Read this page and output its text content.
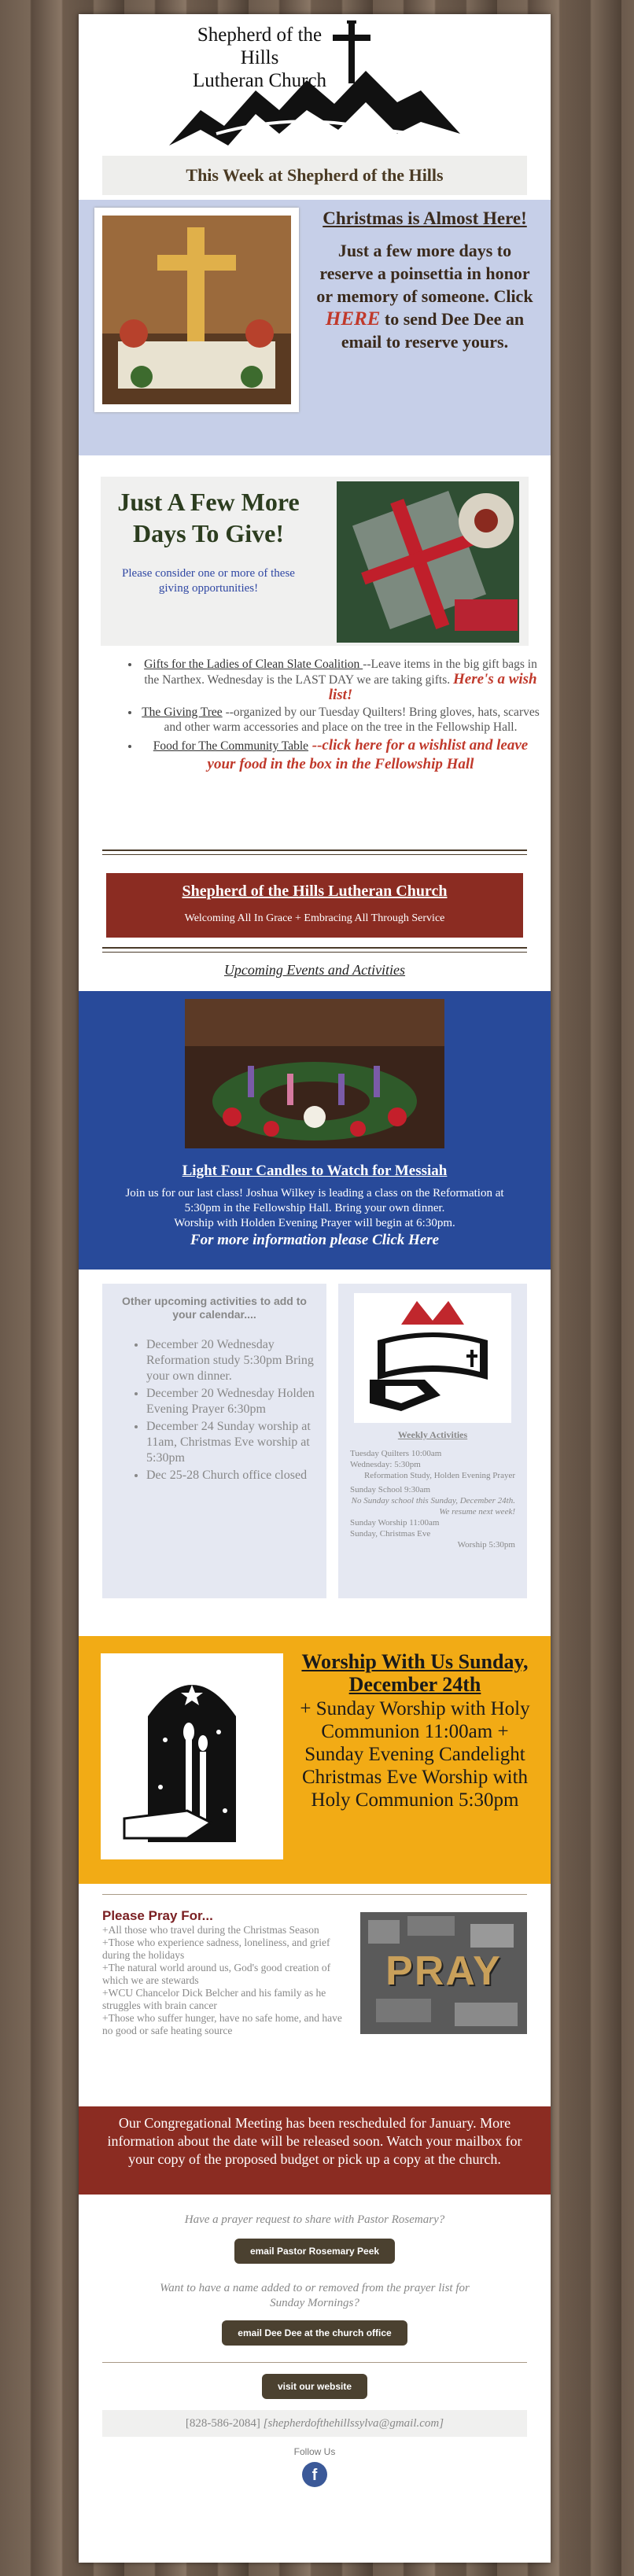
Shepherd of the Hills
Lutheran Church
This Week at Shepherd of the Hills
Christmas is Almost Here!
Just a few more days to reserve a poinsettia in honor or memory of someone. Click HERE to send Dee Dee an email to reserve yours.
Just A Few More Days To Give!
Please consider one or more of these giving opportunities!
• Gifts for the Ladies of Clean Slate Coalition --Leave items in the big gift bags in the Narthex. Wednesday is the LAST DAY we are taking gifts. Here's a wish list!
• The Giving Tree --organized by our Tuesday Quilters! Bring gloves, hats, scarves and other warm accessories and place on the tree in the Fellowship Hall.
• Food for The Community Table --click here for a wishlist and leave your food in the box in the Fellowship Hall
Shepherd of the Hills Lutheran Church
Welcoming All In Grace + Embracing All Through Service
Upcoming Events and Activities
Light Four Candles to Watch for Messiah
Join us for our last class! Joshua Wilkey is leading a class on the Reformation at 5:30pm in the Fellowship Hall. Bring your own dinner.
Worship with Holden Evening Prayer will begin at 6:30pm.
For more information please Click Here
Other upcoming activities to add to your calendar....
• December 20 Wednesday Reformation study 5:30pm Bring your own dinner.
• December 20 Wednesday Holden Evening Prayer 6:30pm
• December 24 Sunday worship at 11am, Christmas Eve worship at 5:30pm
• Dec 25-28 Church office closed
Weekly Activities
Tuesday Quilters 10:00am
Wednesday: 5:30pm
Reformation Study, Holden Evening Prayer
Sunday School 9:30am
No Sunday school this Sunday, December 24th. We resume next week!
Sunday Worship 11:00am
Sunday, Christmas Eve
Worship 5:30pm
Worship With Us Sunday, December 24th
+ Sunday Worship with Holy Communion 11:00am + Sunday Evening Candelight Christmas Eve Worship with Holy Communion 5:30pm
Please Pray For...
+All those who travel during the Christmas Season
+Those who experience sadness, loneliness, and grief during the holidays
+The natural world around us, God's good creation of which we are stewards
+WCU Chancelor Dick Belcher and his family as he struggles with brain cancer
+Those who suffer hunger, have no safe home, and have no good or safe heating source
PRAY
Our Congregational Meeting has been rescheduled for January. More information about the date will be released soon. Watch your mailbox for your copy of the proposed budget or pick up a copy at the church.
Have a prayer request to share with Pastor Rosemary?
email Pastor Rosemary Peek
Want to have a name added to or removed from the prayer list for Sunday Mornings?
email Dee Dee at the church office
visit our website
[828-586-2084] [shepherdofthehillssylva@gmail.com]
Follow Us
f
